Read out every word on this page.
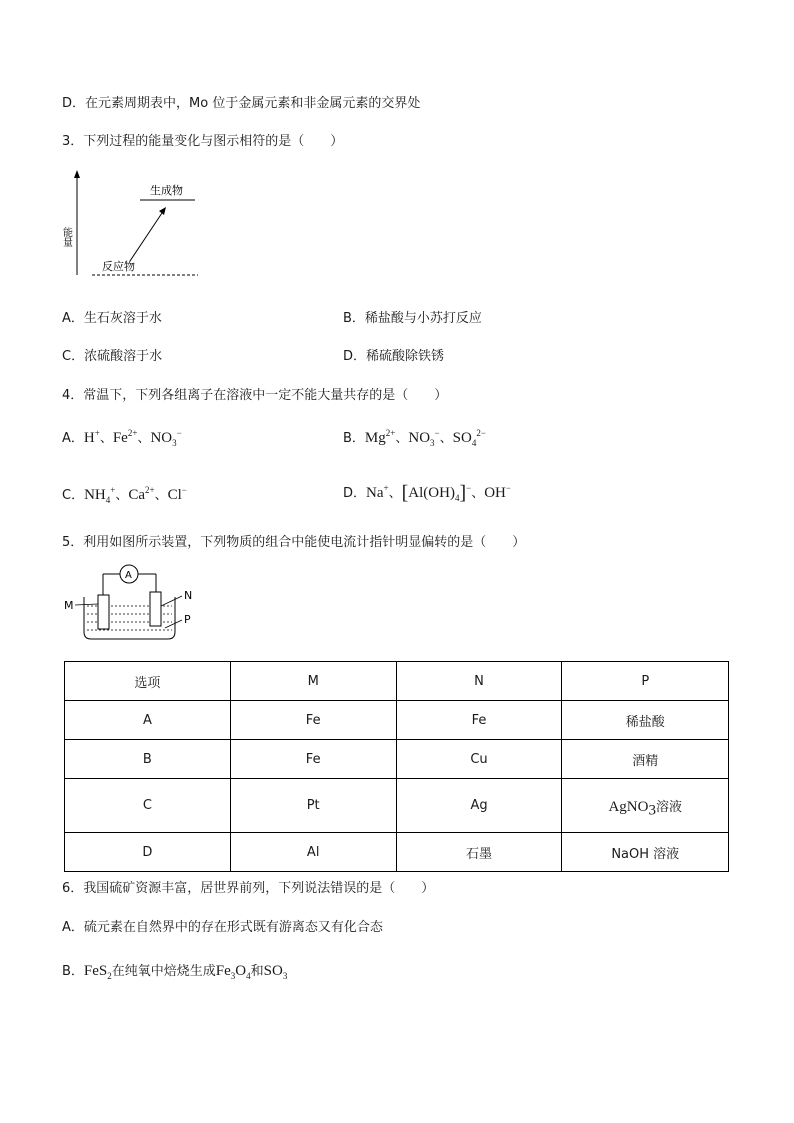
D．在元素周期表中，Mo 位于金属元素和非金属元素的交界处
3．下列过程的能量变化与图示相符的是（　　）
能量
生成物
反应物
A．生石灰溶于水	B．稀盐酸与小苏打反应
C．浓硫酸溶于水	D．稀硫酸除铁锈
4．常温下，下列各组离子在溶液中一定不能大量共存的是（　　）
A．H+、$Fe^{2+}$、$NO_3^-$	B．$Mg^{2+}$、$NO_3^-$、$SO_4^{2-}$
C．$NH_4^+$、$Ca^{2+}$、Cl−	D．Na+、$[Al(OH)_4]^-$、OH−
5．利用如图所示装置，下列物质的组合中能使电流计指针明显偏转的是（　　）
A
M
N
P
选项	M	N	P
A	Fe	Fe	稀盐酸
B	Fe	Cu	酒精
C	Pt	Ag	AgNO$_3$溶液
D	Al	石墨	NaOH 溶液
6．我国硫矿资源丰富，居世界前列，下列说法错误的是（　　）
A．硫元素在自然界中的存在形式既有游离态又有化合态
B．FeS$_2$在纯氧中焙烧生成$Fe_3O_4$和$SO_3$
